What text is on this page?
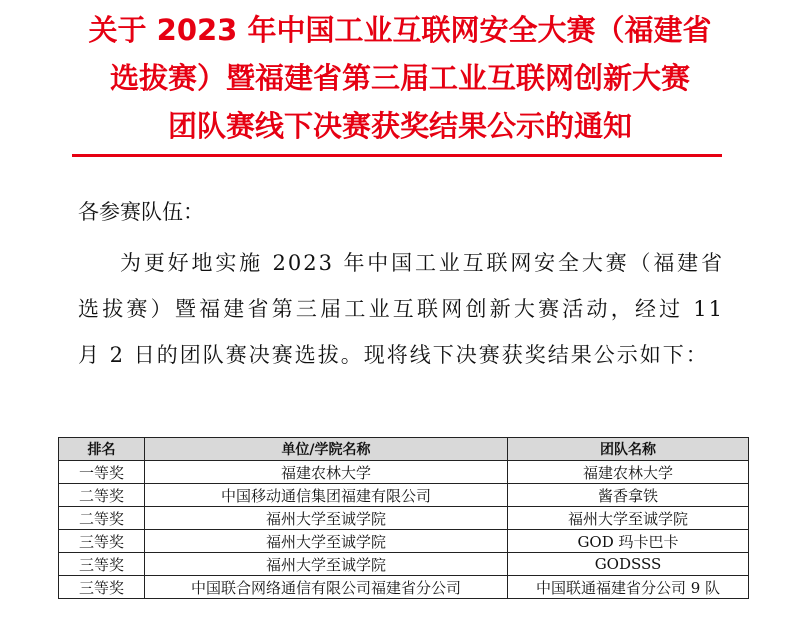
关于 2023 年中国工业互联网安全大赛（福建省
选拔赛）暨福建省第三届工业互联网创新大赛
团队赛线下决赛获奖结果公示的通知
各参赛队伍：
为更好地实施 2023 年中国工业互联网安全大赛（福建省选拔赛）暨福建省第三届工业互联网创新大赛活动，经过 11 月 2 日的团队赛决赛选拔。现将线下决赛获奖结果公示如下：
排名	单位/学院名称	团队名称
一等奖	福建农林大学	福建农林大学
二等奖	中国移动通信集团福建有限公司	酱香拿铁
二等奖	福州大学至诚学院	福州大学至诚学院
三等奖	福州大学至诚学院	GOD 玛卡巴卡
三等奖	福州大学至诚学院	GODSSS
三等奖	中国联合网络通信有限公司福建省分公司	中国联通福建省分公司 9 队
